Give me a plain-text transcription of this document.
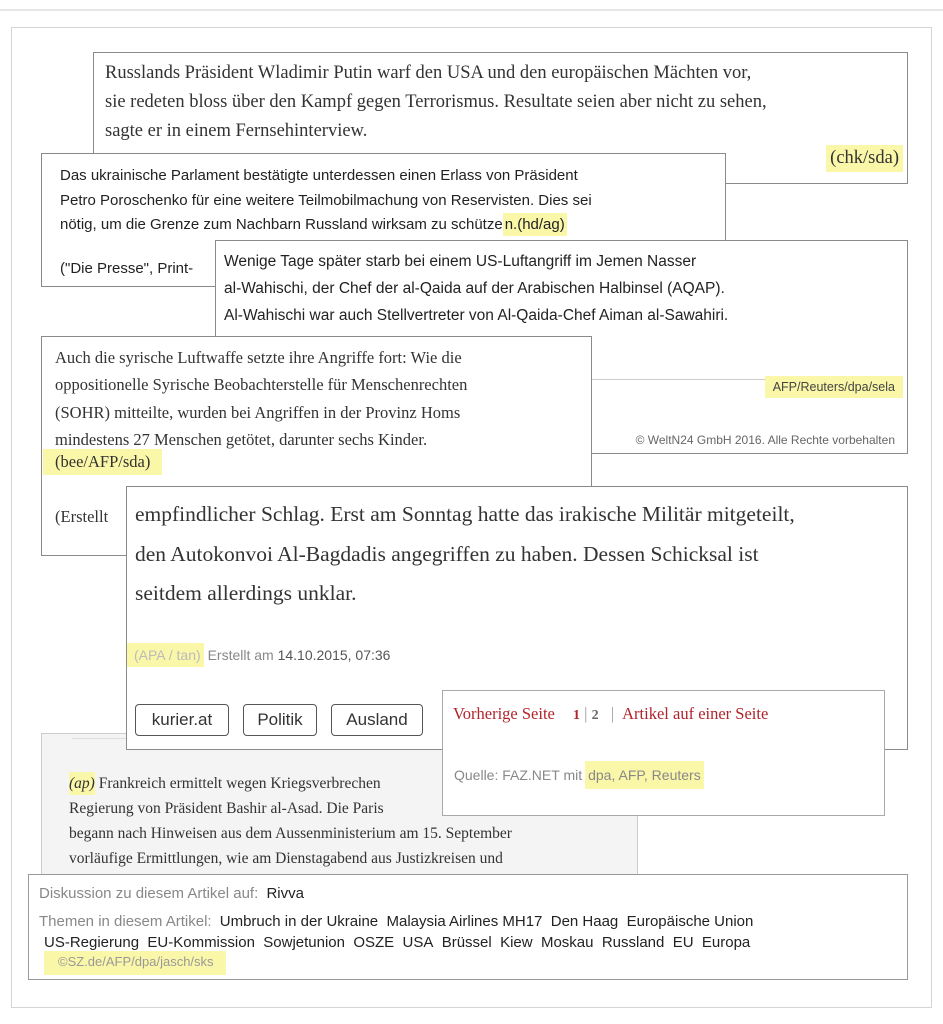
Russlands Präsident Wladimir Putin warf den USA und den europäischen Mächten vor,
sie redeten bloss über den Kampf gegen Terrorismus. Resultate seien aber nicht zu sehen,
sagte er in einem Fernsehinterview.
(chk/sda)
Das ukrainische Parlament bestätigte unterdessen einen Erlass von Präsident
Petro Poroschenko für eine weitere Teilmobilmachung von Reservisten. Dies sei
nötig, um die Grenze zum Nachbarn Russland wirksam zu schütze n.(hd/ag)
("Die Presse", Print- Wenige Tage später starb bei einem US-Luftangriff im Jemen Nasser
al-Wahischi, der Chef der al-Qaida auf der Arabischen Halbinsel (AQAP).
Al-Wahischi war auch Stellvertreter von Al-Qaida-Chef Aiman al-Sawahiri.
AFP/Reuters/dpa/sela
© WeltN24 GmbH 2016. Alle Rechte vorbehalten
Auch die syrische Luftwaffe setzte ihre Angriffe fort: Wie die
oppositionelle Syrische Beobachterstelle für Menschenrechten
(SOHR) mitteilte, wurden bei Angriffen in der Provinz Homs
mindestens 27 Menschen getötet, darunter sechs Kinder.
(bee/AFP/sda)
(Erstellt
(ap) Frankreich ermittelt wegen Kriegsverbrechen
Regierung von Präsident Bashir al-Asad. Die Paris
begann nach Hinweisen aus dem Aussenministerium am 15. September
vorläufige Ermittlungen, wie am Dienstagabend aus Justizkreisen und
empfindlicher Schlag. Erst am Sonntag hatte das irakische Militär mitgeteilt,
den Autokonvoi Al-Bagdadis angegriffen zu haben. Dessen Schicksal ist
seitdem allerdings unklar.
(APA / tan) Erstellt am 14.10.2015, 07:36
kurier.at	Politik	Ausland	Vorherige Seite 1 | 2 | Artikel auf einer Seite
Quelle: FAZ.NET mit dpa, AFP, Reuters
Diskussion zu diesem Artikel auf: Rivva
Themen in diesem Artikel: Umbruch in der Ukraine Malaysia Airlines MH17 Den Haag Europäische Union
US-Regierung EU-Kommission Sowjetunion OSZE USA Brüssel Kiew Moskau Russland EU Europa
©SZ.de/AFP/dpa/jasch/sks
